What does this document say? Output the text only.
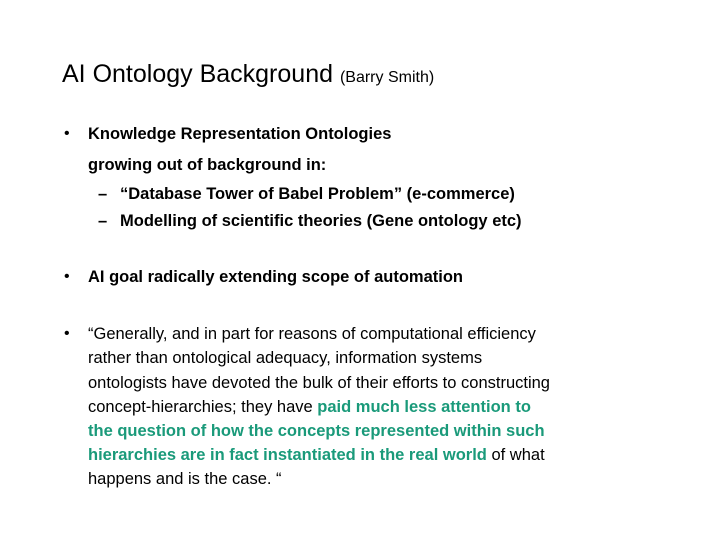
AI Ontology Background (Barry Smith)
• Knowledge Representation Ontologies
growing out of background in:
– “Database Tower of Babel Problem” (e-commerce)
– Modelling of scientific theories (Gene ontology etc)
• AI goal radically extending scope of automation
• “Generally, and in part for reasons of computational efficiency
rather than ontological adequacy, information systems
ontologists have devoted the bulk of their efforts to constructing
concept-hierarchies; they have paid much less attention to
the question of how the concepts represented within such
hierarchies are in fact instantiated in the real world of what
happens and is the case. “
